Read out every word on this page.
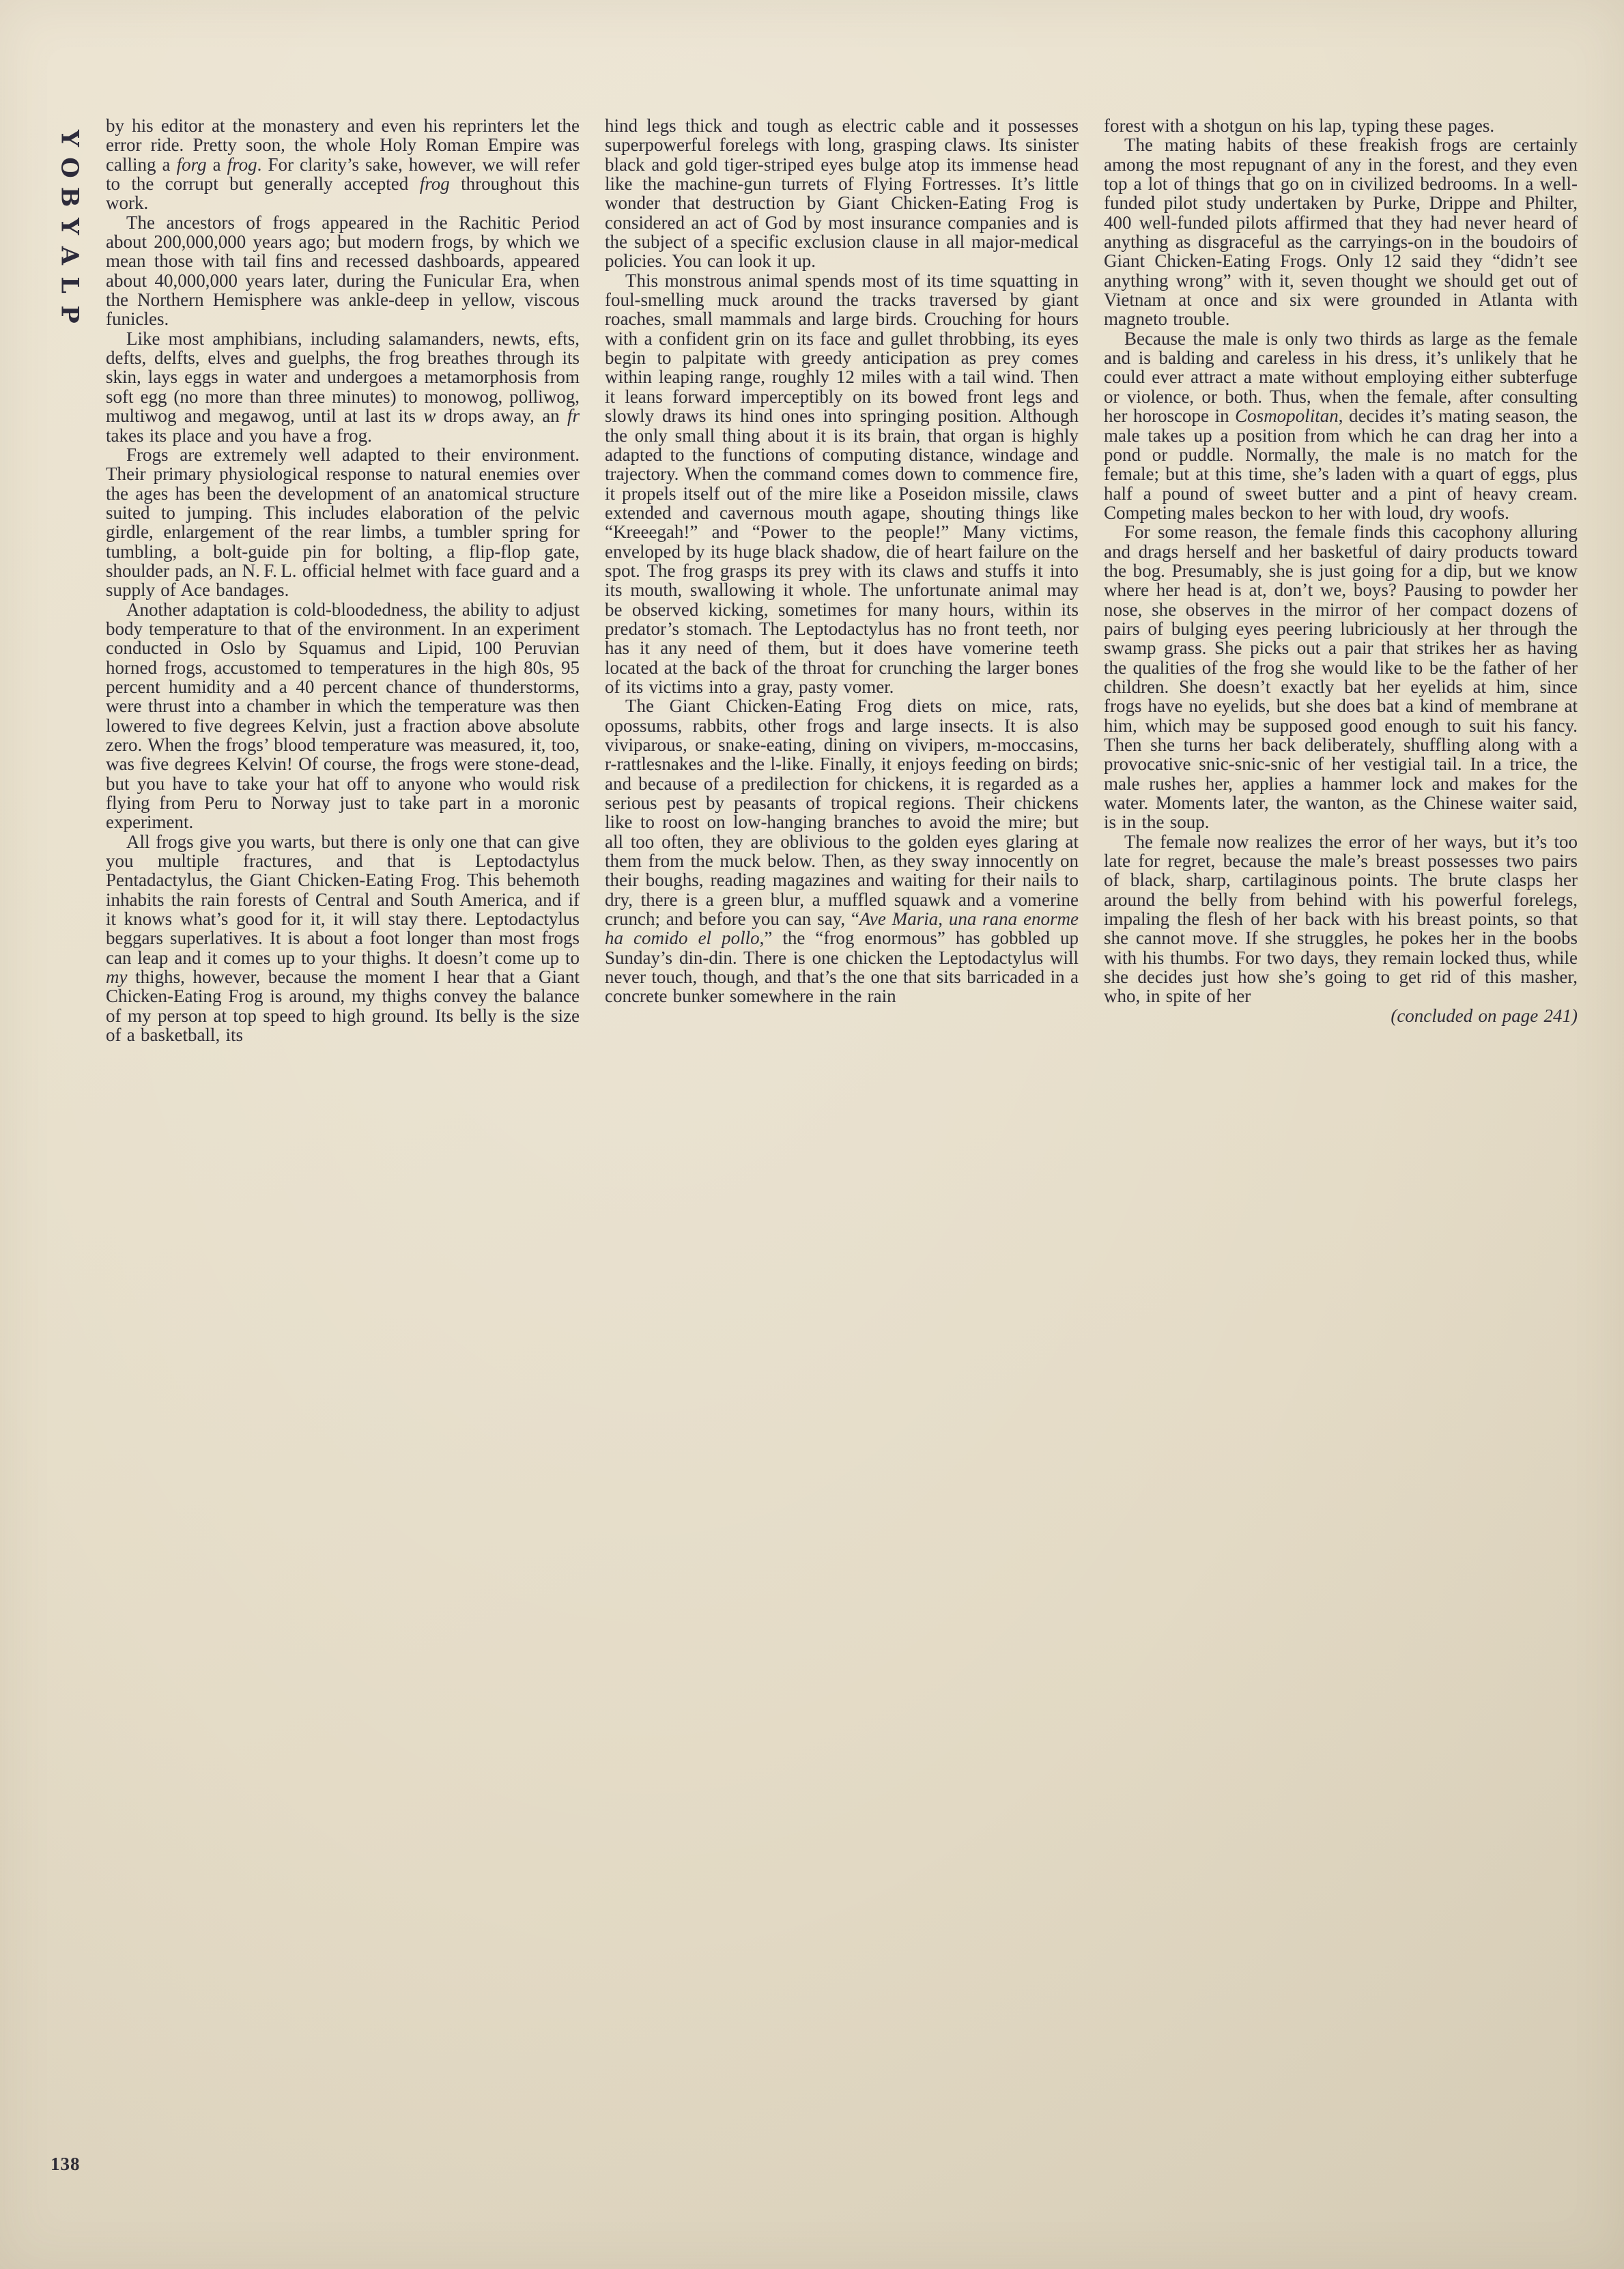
Y
O
B
Y
A
L
P

by his editor at the monastery and even his reprinters let the error ride. Pretty soon, the whole Holy Roman Empire was calling a forg a frog. For clarity’s sake, however, we will refer to the corrupt but generally accepted frog throughout this work.

The ancestors of frogs appeared in the Rachitic Period about 200,000,000 years ago; but modern frogs, by which we mean those with tail fins and recessed dashboards, appeared about 40,000,000 years later, during the Funicular Era, when the Northern Hemisphere was ankle-deep in yellow, viscous funicles.

Like most amphibians, including salamanders, newts, efts, defts, delfts, elves and guelphs, the frog breathes through its skin, lays eggs in water and undergoes a metamorphosis from soft egg (no more than three minutes) to monowog, polliwog, multiwog and megawog, until at last its w drops away, an fr takes its place and you have a frog.

Frogs are extremely well adapted to their environment. Their primary physiological response to natural enemies over the ages has been the development of an anatomical structure suited to jumping. This includes elaboration of the pelvic girdle, enlargement of the rear limbs, a tumbler spring for tumbling, a bolt-guide pin for bolting, a flip-flop gate, shoulder pads, an N. F. L. official helmet with face guard and a supply of Ace bandages.

Another adaptation is cold-bloodedness, the ability to adjust body temperature to that of the environment. In an experiment conducted in Oslo by Squamus and Lipid, 100 Peruvian horned frogs, accustomed to temperatures in the high 80s, 95 percent humidity and a 40 percent chance of thunderstorms, were thrust into a chamber in which the temperature was then lowered to five degrees Kelvin, just a fraction above absolute zero. When the frogs’ blood temperature was measured, it, too, was five degrees Kelvin! Of course, the frogs were stone-dead, but you have to take your hat off to anyone who would risk flying from Peru to Norway just to take part in a moronic experiment.

All frogs give you warts, but there is only one that can give you multiple fractures, and that is Leptodactylus Pentadactylus, the Giant Chicken-Eating Frog. This behemoth inhabits the rain forests of Central and South America, and if it knows what’s good for it, it will stay there. Leptodactylus beggars superlatives. It is about a foot longer than most frogs can leap and it comes up to your thighs. It doesn’t come up to my thighs, however, because the moment I hear that a Giant Chicken-Eating Frog is around, my thighs convey the balance of my person at top speed to high ground. Its belly is the size of a basketball, its

hind legs thick and tough as electric cable and it possesses superpowerful forelegs with long, grasping claws. Its sinister black and gold tiger-striped eyes bulge atop its immense head like the machine-gun turrets of Flying Fortresses. It’s little wonder that destruction by Giant Chicken-Eating Frog is considered an act of God by most insurance companies and is the subject of a specific exclusion clause in all major-medical policies. You can look it up.

This monstrous animal spends most of its time squatting in foul-smelling muck around the tracks traversed by giant roaches, small mammals and large birds. Crouching for hours with a confident grin on its face and gullet throbbing, its eyes begin to palpitate with greedy anticipation as prey comes within leaping range, roughly 12 miles with a tail wind. Then it leans forward imperceptibly on its bowed front legs and slowly draws its hind ones into springing position. Although the only small thing about it is its brain, that organ is highly adapted to the functions of computing distance, windage and trajectory. When the command comes down to commence fire, it propels itself out of the mire like a Poseidon missile, claws extended and cavernous mouth agape, shouting things like “Kreeegah!” and “Power to the people!” Many victims, enveloped by its huge black shadow, die of heart failure on the spot. The frog grasps its prey with its claws and stuffs it into its mouth, swallowing it whole. The unfortunate animal may be observed kicking, sometimes for many hours, within its predator’s stomach. The Leptodactylus has no front teeth, nor has it any need of them, but it does have vomerine teeth located at the back of the throat for crunching the larger bones of its victims into a gray, pasty vomer.

The Giant Chicken-Eating Frog diets on mice, rats, opossums, rabbits, other frogs and large insects. It is also viviparous, or snake-eating, dining on vivipers, m-moccasins, r-rattlesnakes and the l-like. Finally, it enjoys feeding on birds; and because of a predilection for chickens, it is regarded as a serious pest by peasants of tropical regions. Their chickens like to roost on low-hanging branches to avoid the mire; but all too often, they are oblivious to the golden eyes glaring at them from the muck below. Then, as they sway innocently on their boughs, reading magazines and waiting for their nails to dry, there is a green blur, a muffled squawk and a vomerine crunch; and before you can say, “Ave Maria, una rana enorme ha comido el pollo,” the “frog enormous” has gobbled up Sunday’s din-din. There is one chicken the Leptodactylus will never touch, though, and that’s the one that sits barricaded in a concrete bunker somewhere in the rain

forest with a shotgun on his lap, typing these pages.

The mating habits of these freakish frogs are certainly among the most repugnant of any in the forest, and they even top a lot of things that go on in civilized bedrooms. In a well-funded pilot study undertaken by Purke, Drippe and Philter, 400 well-funded pilots affirmed that they had never heard of anything as disgraceful as the carryings-on in the boudoirs of Giant Chicken-Eating Frogs. Only 12 said they “didn’t see anything wrong” with it, seven thought we should get out of Vietnam at once and six were grounded in Atlanta with magneto trouble.

Because the male is only two thirds as large as the female and is balding and careless in his dress, it’s unlikely that he could ever attract a mate without employing either subterfuge or violence, or both. Thus, when the female, after consulting her horoscope in Cosmopolitan, decides it’s mating season, the male takes up a position from which he can drag her into a pond or puddle. Normally, the male is no match for the female; but at this time, she’s laden with a quart of eggs, plus half a pound of sweet butter and a pint of heavy cream. Competing males beckon to her with loud, dry woofs.

For some reason, the female finds this cacophony alluring and drags herself and her basketful of dairy products toward the bog. Presumably, she is just going for a dip, but we know where her head is at, don’t we, boys? Pausing to powder her nose, she observes in the mirror of her compact dozens of pairs of bulging eyes peering lubriciously at her through the swamp grass. She picks out a pair that strikes her as having the qualities of the frog she would like to be the father of her children. She doesn’t exactly bat her eyelids at him, since frogs have no eyelids, but she does bat a kind of membrane at him, which may be supposed good enough to suit his fancy. Then she turns her back deliberately, shuffling along with a provocative snic-snic-snic of her vestigial tail. In a trice, the male rushes her, applies a hammer lock and makes for the water. Moments later, the wanton, as the Chinese waiter said, is in the soup.

The female now realizes the error of her ways, but it’s too late for regret, because the male’s breast possesses two pairs of black, sharp, cartilaginous points. The brute clasps her around the belly from behind with his powerful forelegs, impaling the flesh of her back with his breast points, so that she cannot move. If she struggles, he pokes her in the boobs with his thumbs. For two days, they remain locked thus, while she decides just how she’s going to get rid of this masher, who, in spite of her

(concluded on page 241)

138
